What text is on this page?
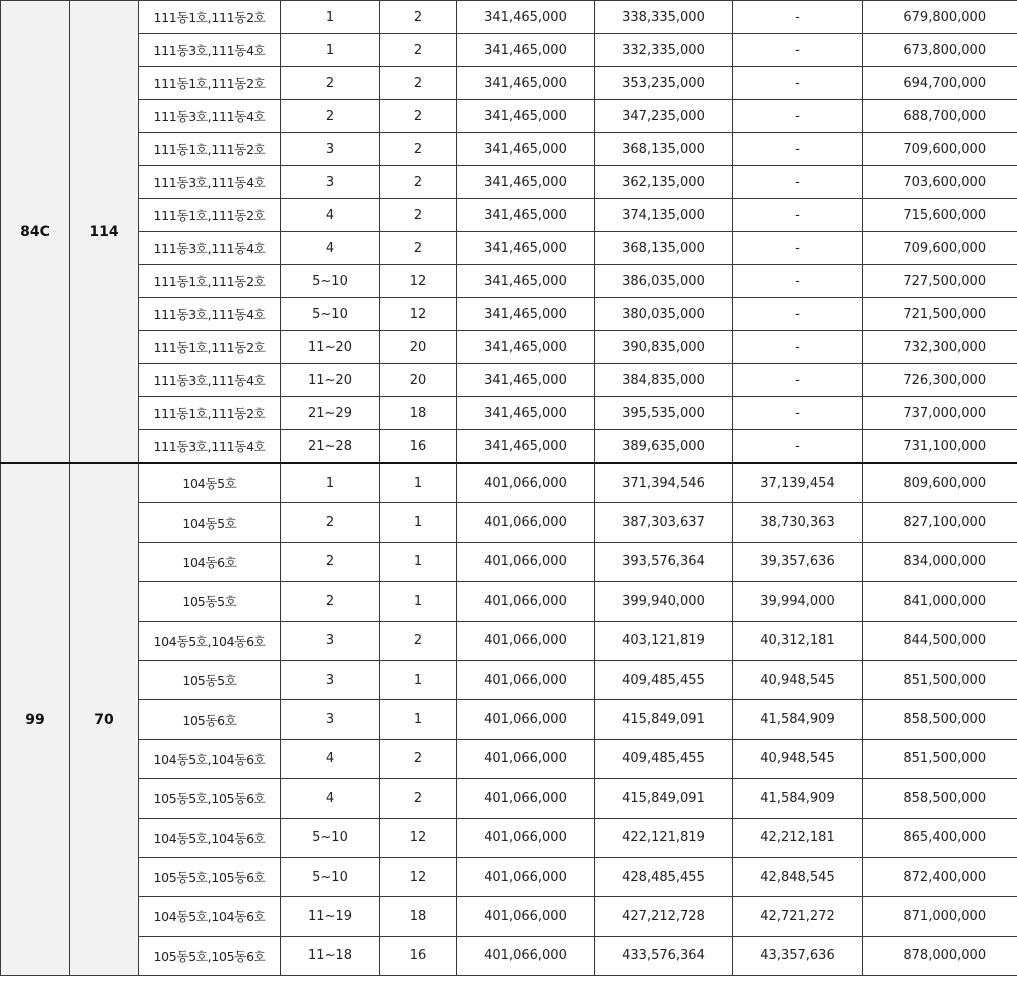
84C	114	111동1호,111동2호	1	2	341,465,000	338,335,000	-	679,800,000
		111동3호,111동4호	1	2	341,465,000	332,335,000	-	673,800,000
		111동1호,111동2호	2	2	341,465,000	353,235,000	-	694,700,000
		111동3호,111동4호	2	2	341,465,000	347,235,000	-	688,700,000
		111동1호,111동2호	3	2	341,465,000	368,135,000	-	709,600,000
		111동3호,111동4호	3	2	341,465,000	362,135,000	-	703,600,000
		111동1호,111동2호	4	2	341,465,000	374,135,000	-	715,600,000
		111동3호,111동4호	4	2	341,465,000	368,135,000	-	709,600,000
		111동1호,111동2호	5~10	12	341,465,000	386,035,000	-	727,500,000
		111동3호,111동4호	5~10	12	341,465,000	380,035,000	-	721,500,000
		111동1호,111동2호	11~20	20	341,465,000	390,835,000	-	732,300,000
		111동3호,111동4호	11~20	20	341,465,000	384,835,000	-	726,300,000
		111동1호,111동2호	21~29	18	341,465,000	395,535,000	-	737,000,000
		111동3호,111동4호	21~28	16	341,465,000	389,635,000	-	731,100,000
99	70	104동5호	1	1	401,066,000	371,394,546	37,139,454	809,600,000
		104동5호	2	1	401,066,000	387,303,637	38,730,363	827,100,000
		104동6호	2	1	401,066,000	393,576,364	39,357,636	834,000,000
		105동5호	2	1	401,066,000	399,940,000	39,994,000	841,000,000
		104동5호,104동6호	3	2	401,066,000	403,121,819	40,312,181	844,500,000
		105동5호	3	1	401,066,000	409,485,455	40,948,545	851,500,000
		105동6호	3	1	401,066,000	415,849,091	41,584,909	858,500,000
		104동5호,104동6호	4	2	401,066,000	409,485,455	40,948,545	851,500,000
		105동5호,105동6호	4	2	401,066,000	415,849,091	41,584,909	858,500,000
		104동5호,104동6호	5~10	12	401,066,000	422,121,819	42,212,181	865,400,000
		105동5호,105동6호	5~10	12	401,066,000	428,485,455	42,848,545	872,400,000
		104동5호,104동6호	11~19	18	401,066,000	427,212,728	42,721,272	871,000,000
		105동5호,105동6호	11~18	16	401,066,000	433,576,364	43,357,636	878,000,000
